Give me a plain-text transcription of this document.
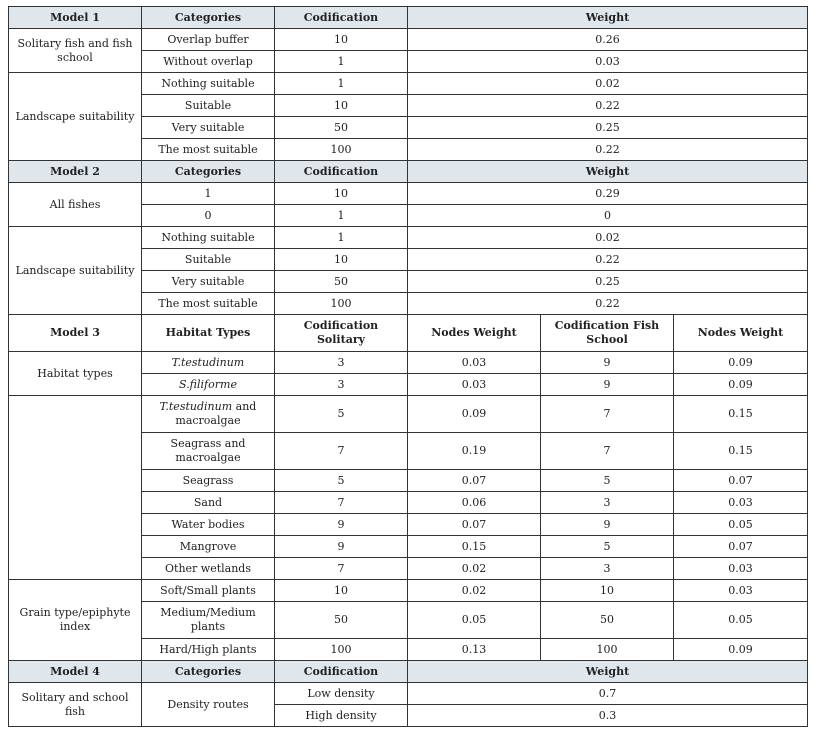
Model 1	Categories	Codification	Weight		
Solitary fish and fish school	Overlap buffer	10	0.26		
	Without overlap	1	0.03		
Landscape suitability	Nothing suitable	1	0.02		
	Suitable	10	0.22		
	Very suitable	50	0.25		
	The most suitable	100	0.22		
Model 2	Categories	Codification	Weight		
All fishes	1	10	0.29		
	0	1	0		
Landscape suitability	Nothing suitable	1	0.02		
	Suitable	10	0.22		
	Very suitable	50	0.25		
	The most suitable	100	0.22		
Model 3	Habitat Types	Codification Solitary	Nodes Weight	Codification Fish School	Nodes Weight
Habitat types	T.testudinum	3	0.03	9	0.09
	S.filiforme	3	0.03	9	0.09
	T.testudinum and macroalgae	5	0.09	7	0.15
	Seagrass and macroalgae	7	0.19	7	0.15
	Seagrass	5	0.07	5	0.07
	Sand	7	0.06	3	0.03
	Water bodies	9	0.07	9	0.05
	Mangrove	9	0.15	5	0.07
	Other wetlands	7	0.02	3	0.03
Grain type/epiphyte index	Soft/Small plants	10	0.02	10	0.03
	Medium/Medium plants	50	0.05	50	0.05
	Hard/High plants	100	0.13	100	0.09
Model 4	Categories	Codification	Weight		
Solitary and school fish	Density routes	Low density	0.7		
		High density	0.3		
